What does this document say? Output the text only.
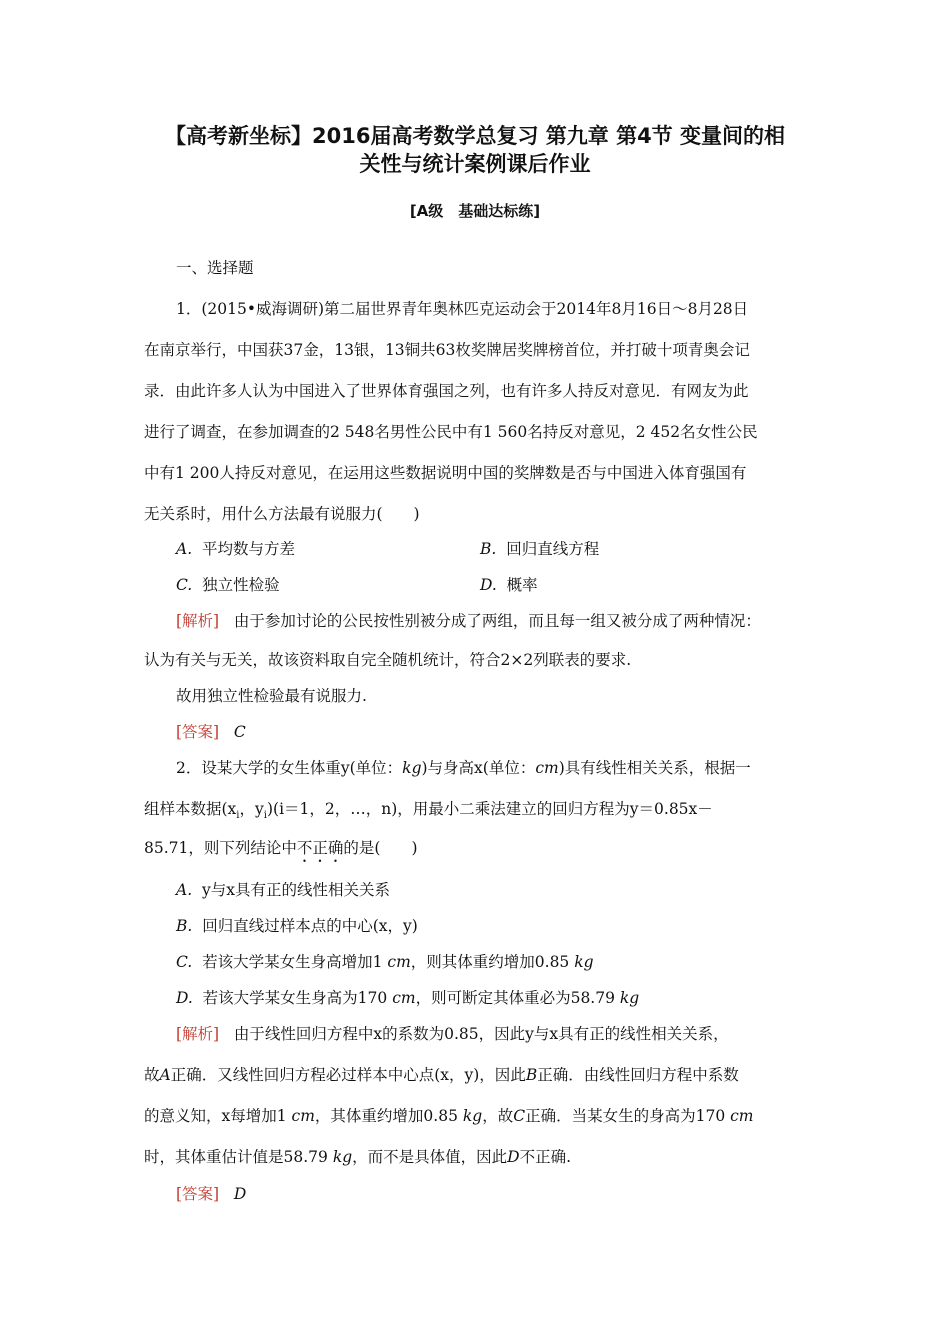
【高考新坐标】2016届高考数学总复习 第九章 第4节 变量间的相
关性与统计案例课后作业
[A级　基础达标练]
一、选择题
1．(2015•威海调研)第二届世界青年奥林匹克运动会于2014年8月16日～8月28日
在南京举行，中国获37金，13银，13铜共63枚奖牌居奖牌榜首位，并打破十项青奥会记
录．由此许多人认为中国进入了世界体育强国之列，也有许多人持反对意见．有网友为此
进行了调查，在参加调查的2 548名男性公民中有1 560名持反对意见，2 452名女性公民
中有1 200人持反对意见，在运用这些数据说明中国的奖牌数是否与中国进入体育强国有
无关系时，用什么方法最有说服力(　　)
A. 平均数与方差	B. 回归直线方程
C. 独立性检验	D. 概率
[解析] 由于参加讨论的公民按性别被分成了两组，而且每一组又被分成了两种情况：
认为有关与无关，故该资料取自完全随机统计，符合2×2列联表的要求.
故用独立性检验最有说服力.
[答案] C
2．设某大学的女生体重y(单位：kg)与身高x(单位：cm)具有线性相关关系，根据一
组样本数据($x_i$，$y_i)(i=1$，2，…，n)，用最小二乘法建立的回归方程为y＝0.85x－
85.71，则下列结论中不正确的是(　　)
A. y与x具有正的线性相关关系
B. 回归直线过样本点的中心(x，y)
C. 若该大学某女生身高增加1 cm，则其体重约增加0.85 kg
D. 若该大学某女生身高为170 cm，则可断定其体重必为58.79 kg
[解析] 由于线性回归方程中x的系数为0.85，因此y与x具有正的线性相关关系，
故A正确．又线性回归方程必过样本中心点(x，y)，因此B正确．由线性回归方程中系数
的意义知，x每增加1 cm，其体重约增加0.85 kg，故C正确．当某女生的身高为170 cm
时，其体重估计值是58.79 kg，而不是具体值，因此D不正确.
[答案] D
